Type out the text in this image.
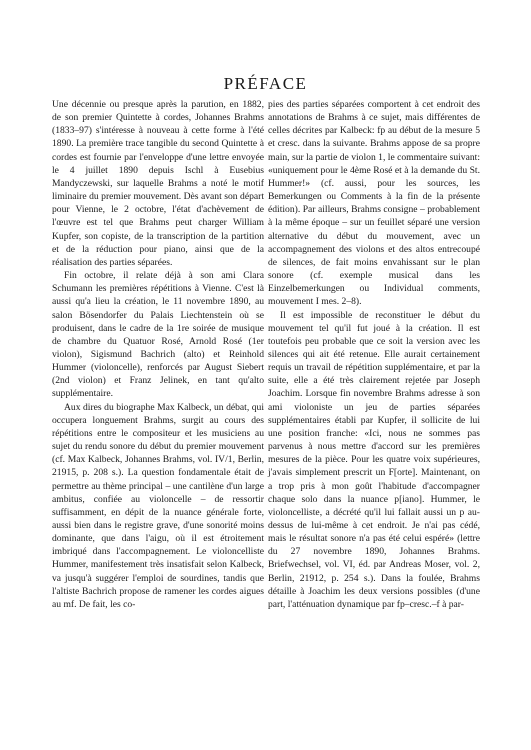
PRÉFACE

Une décennie ou presque après la parution, en 1882, de son premier Quintette à cordes, Johannes Brahms (1833–97) s'intéresse à nouveau à cette forme à l'été 1890. La première trace tangible du second Quintette à cordes est fournie par l'enveloppe d'une lettre envoyée le 4 juillet 1890 depuis Ischl à Eusebius Mandyczewski, sur laquelle Brahms a noté le motif liminaire du premier mouvement. Dès avant son départ pour Vienne, le 2 octobre, l'état d'achèvement de l'œuvre est tel que Brahms peut charger William Kupfer, son copiste, de la transcription de la partition et de la réduction pour piano, ainsi que de la réalisation des parties séparées.

Fin octobre, il relate déjà à son ami Clara Schumann les premières répétitions à Vienne. C'est là aussi qu'a lieu la création, le 11 novembre 1890, au salon Bösendorfer du Palais Liechtenstein où se produisent, dans le cadre de la 1re soirée de musique de chambre du Quatuor Rosé, Arnold Rosé (1er violon), Sigismund Bachrich (alto) et Reinhold Hummer (violoncelle), renforcés par August Siebert (2nd violon) et Franz Jelinek, en tant qu'alto supplémentaire.

Aux dires du biographe Max Kalbeck, un débat, qui occupera longuement Brahms, surgit au cours des répétitions entre le compositeur et les musiciens au sujet du rendu sonore du début du premier mouvement (cf. Max Kalbeck, Johannes Brahms, vol. IV/1, Berlin, 21915, p. 208 s.). La question fondamentale était de permettre au thème principal – une cantilène d'un large ambitus, confiée au violoncelle – de ressortir suffisamment, en dépit de la nuance générale forte, aussi bien dans le registre grave, d'une sonorité moins dominante, que dans l'aigu, où il est étroitement imbriqué dans l'accompagnement. Le violoncelliste Hummer, manifestement très insatisfait selon Kalbeck, va jusqu'à suggérer l'emploi de sourdines, tandis que l'altiste Bachrich propose de ramener les cordes aigues au mf. De fait, les co-

pies des parties séparées comportent à cet endroit des annotations de Brahms à ce sujet, mais différentes de celles décrites par Kalbeck: fp au début de la mesure 5 et cresc. dans la suivante. Brahms appose de sa propre main, sur la partie de violon 1, le commentaire suivant: «uniquement pour le 4ème Rosé et à la demande du St. Hummer!» (cf. aussi, pour les sources, les Bemerkungen ou Comments à la fin de la présente édition). Par ailleurs, Brahms consigne – probablement à la même époque – sur un feuillet séparé une version alternative du début du mouvement, avec un accompagnement des violons et des altos entrecoupé de silences, de fait moins envahissant sur le plan sonore (cf. exemple musical dans les Einzelbemerkungen ou Individual comments, mouvement I mes. 2–8).

Il est impossible de reconstituer le début du mouvement tel qu'il fut joué à la création. Il est toutefois peu probable que ce soit la version avec les silences qui ait été retenue. Elle aurait certainement requis un travail de répétition supplémentaire, et par la suite, elle a été très clairement rejetée par Joseph Joachim. Lorsque fin novembre Brahms adresse à son ami violoniste un jeu de parties séparées supplémentaires établi par Kupfer, il sollicite de lui une position franche: «Ici, nous ne sommes pas parvenus à nous mettre d'accord sur les premières mesures de la pièce. Pour les quatre voix supérieures, j'avais simplement prescrit un F[orte]. Maintenant, on a trop pris à mon goût l'habitude d'accompagner chaque solo dans la nuance p[iano]. Hummer, le violoncelliste, a décrété qu'il lui fallait aussi un p au-dessus de lui-même à cet endroit. Je n'ai pas cédé, mais le résultat sonore n'a pas été celui espéré» (lettre du 27 novembre 1890, Johannes Brahms. Briefwechsel, vol. VI, éd. par Andreas Moser, vol. 2, Berlin, 21912, p. 254 s.). Dans la foulée, Brahms détaille à Joachim les deux versions possibles (d'une part, l'atténuation dynamique par fp–cresc.–f à par-
